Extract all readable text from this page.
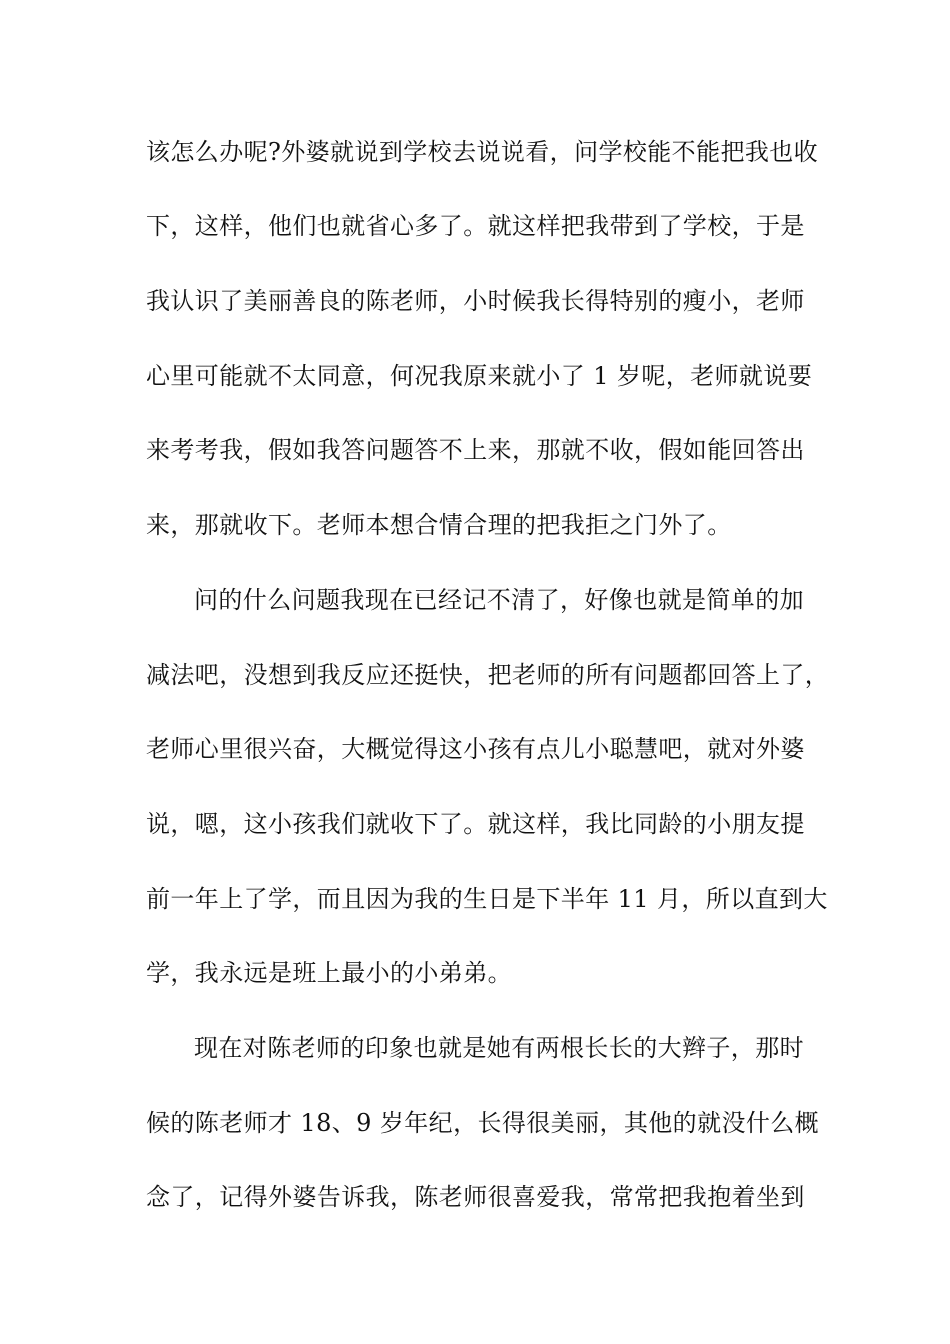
该怎么办呢?外婆就说到学校去说说看，问学校能不能把我也收
下，这样，他们也就省心多了。就这样把我带到了学校，于是
我认识了美丽善良的陈老师，小时候我长得特别的瘦小，老师
心里可能就不太同意，何况我原来就小了 1 岁呢，老师就说要
来考考我，假如我答问题答不上来，那就不收，假如能回答出
来，那就收下。老师本想合情合理的把我拒之门外了。
问的什么问题我现在已经记不清了，好像也就是简单的加
减法吧，没想到我反应还挺快，把老师的所有问题都回答上了，
老师心里很兴奋，大概觉得这小孩有点儿小聪慧吧，就对外婆
说，嗯，这小孩我们就收下了。就这样，我比同龄的小朋友提
前一年上了学，而且因为我的生日是下半年 11 月，所以直到大
学，我永远是班上最小的小弟弟。
现在对陈老师的印象也就是她有两根长长的大辫子，那时
候的陈老师才 18、9 岁年纪，长得很美丽，其他的就没什么概
念了，记得外婆告诉我，陈老师很喜爱我，常常把我抱着坐到
